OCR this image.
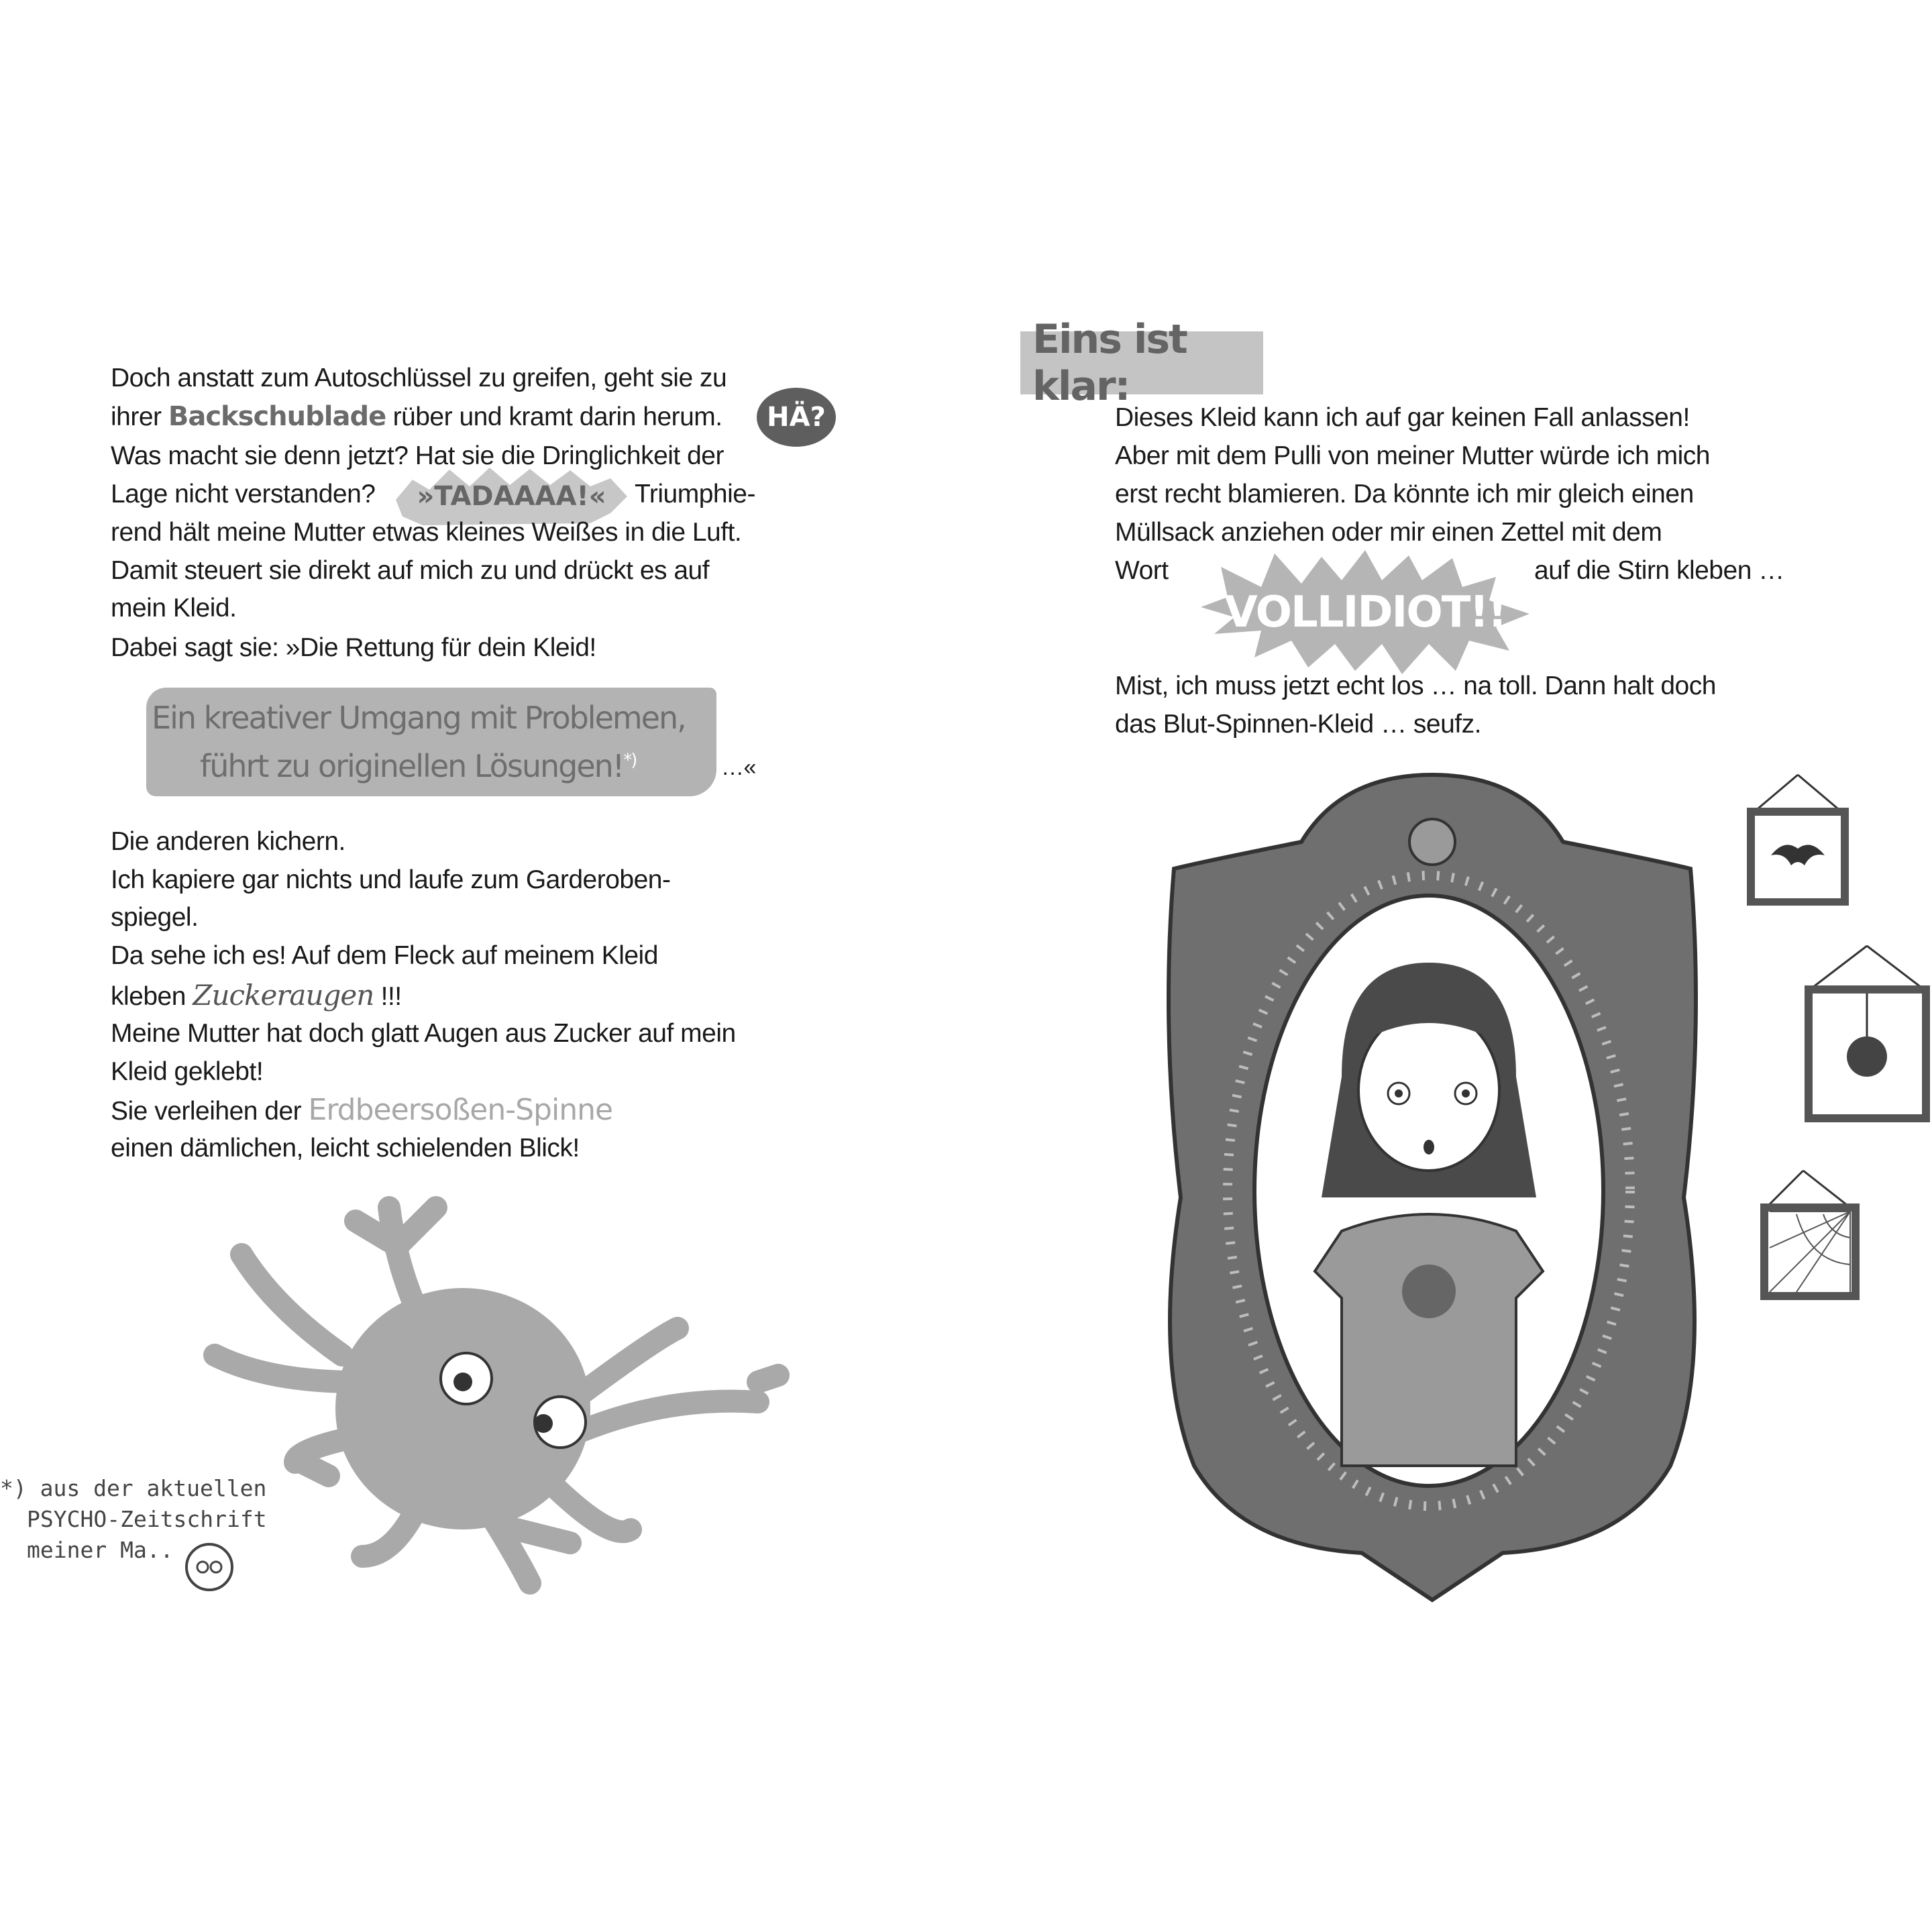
Doch anstatt zum Autoschlüssel zu greifen, geht sie zu
ihrer Backschublade rüber und kramt darin herum.	HÄ?
Was macht sie denn jetzt? Hat sie die Dringlichkeit der
Lage nicht verstanden?	»TADAAAA!«	Triumphie-
rend hält meine Mutter etwas kleines Weißes in die Luft.
Damit steuert sie direkt auf mich zu und drückt es auf
mein Kleid.
Dabei sagt sie: »Die Rettung für dein Kleid!
Ein kreativer Umgang mit Problemen,
führt zu originellen Lösungen!*)	…«
Die anderen kichern.
Ich kapiere gar nichts und laufe zum Garderoben-
spiegel.
Da sehe ich es! Auf dem Fleck auf meinem Kleid
kleben Zuckeraugen !!!
Meine Mutter hat doch glatt Augen aus Zucker auf mein
Kleid geklebt!
Sie verleihen der Erdbeersoßen-Spinne
einen dämlichen, leicht schielenden Blick!
*) aus der aktuellen
PSYCHO-Zeitschrift
meiner Ma..
Eins ist klar:
Dieses Kleid kann ich auf gar keinen Fall anlassen!
Aber mit dem Pulli von meiner Mutter würde ich mich
erst recht blamieren. Da könnte ich mir gleich einen
Müllsack anziehen oder mir einen Zettel mit dem
Wort	auf die Stirn kleben …
VOLLIDIOT!!
Mist, ich muss jetzt echt los … na toll. Dann halt doch
das Blut-Spinnen-Kleid … seufz.
